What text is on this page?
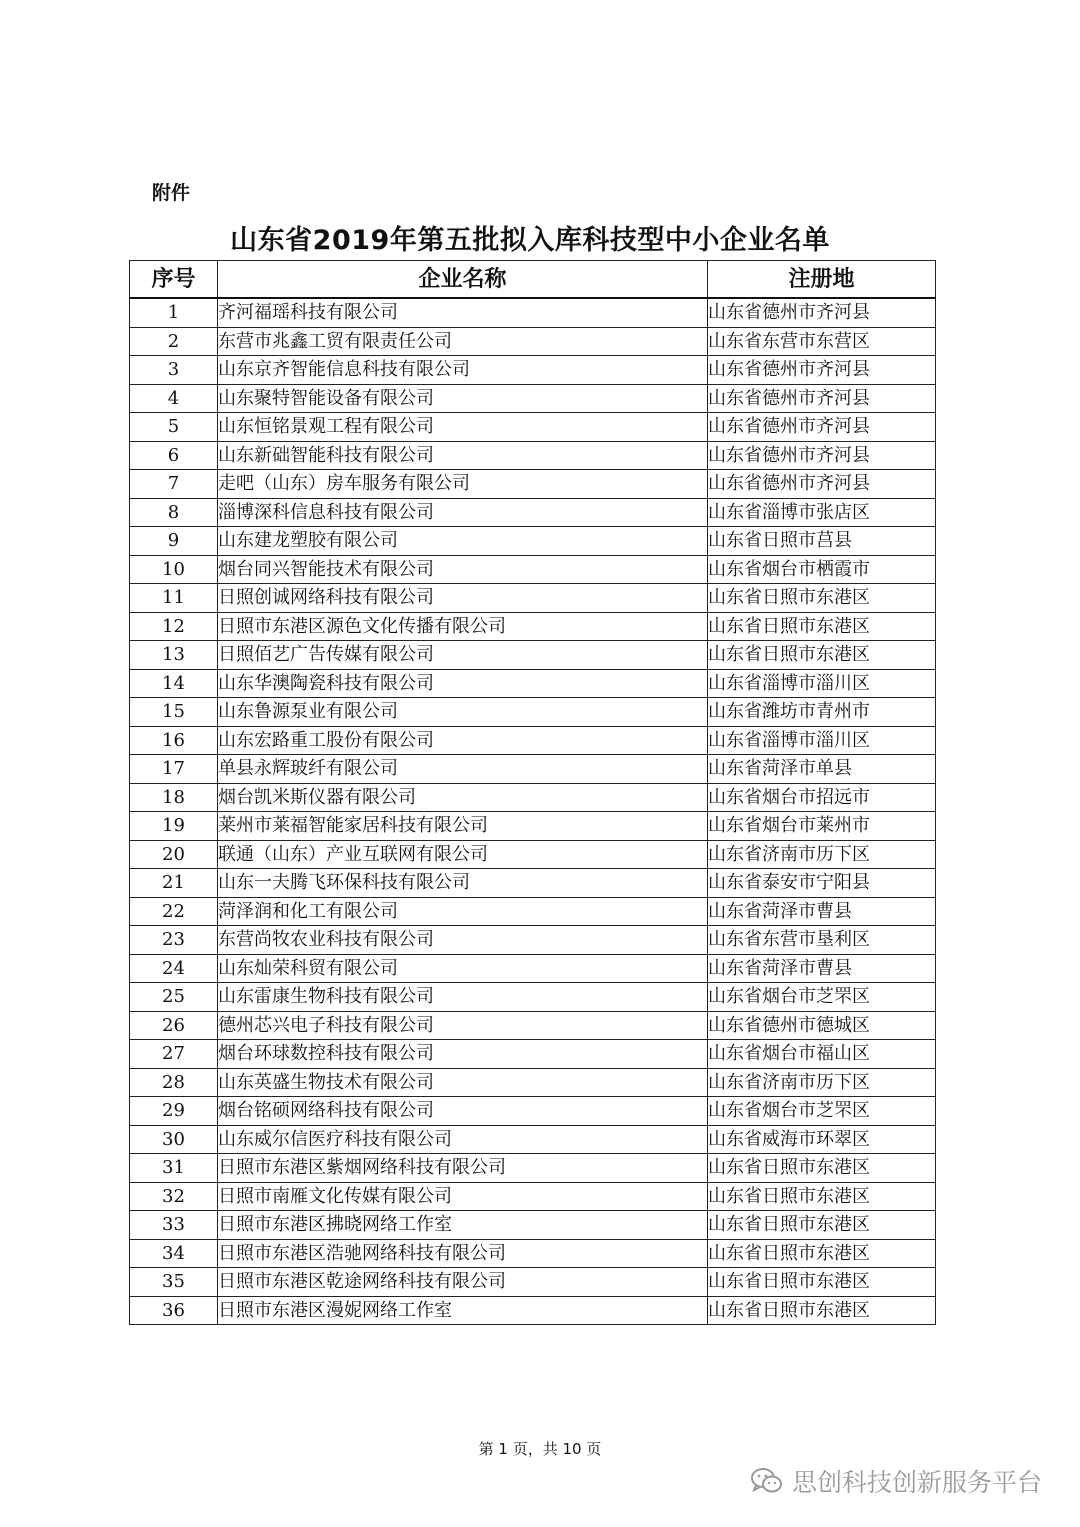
附件
山东省2019年第五批拟入库科技型中小企业名单
序号	企业名称	注册地
1	齐河福瑶科技有限公司	山东省德州市齐河县
2	东营市兆鑫工贸有限责任公司	山东省东营市东营区
3	山东京齐智能信息科技有限公司	山东省德州市齐河县
4	山东聚特智能设备有限公司	山东省德州市齐河县
5	山东恒铭景观工程有限公司	山东省德州市齐河县
6	山东新础智能科技有限公司	山东省德州市齐河县
7	走吧（山东）房车服务有限公司	山东省德州市齐河县
8	淄博深科信息科技有限公司	山东省淄博市张店区
9	山东建龙塑胶有限公司	山东省日照市莒县
10	烟台同兴智能技术有限公司	山东省烟台市栖霞市
11	日照创诚网络科技有限公司	山东省日照市东港区
12	日照市东港区源色文化传播有限公司	山东省日照市东港区
13	日照佰艺广告传媒有限公司	山东省日照市东港区
14	山东华澳陶瓷科技有限公司	山东省淄博市淄川区
15	山东鲁源泵业有限公司	山东省潍坊市青州市
16	山东宏路重工股份有限公司	山东省淄博市淄川区
17	单县永辉玻纤有限公司	山东省菏泽市单县
18	烟台凯米斯仪器有限公司	山东省烟台市招远市
19	莱州市莱福智能家居科技有限公司	山东省烟台市莱州市
20	联通（山东）产业互联网有限公司	山东省济南市历下区
21	山东一夫腾飞环保科技有限公司	山东省泰安市宁阳县
22	菏泽润和化工有限公司	山东省菏泽市曹县
23	东营尚牧农业科技有限公司	山东省东营市垦利区
24	山东灿荣科贸有限公司	山东省菏泽市曹县
25	山东雷康生物科技有限公司	山东省烟台市芝罘区
26	德州芯兴电子科技有限公司	山东省德州市德城区
27	烟台环球数控科技有限公司	山东省烟台市福山区
28	山东英盛生物技术有限公司	山东省济南市历下区
29	烟台铭硕网络科技有限公司	山东省烟台市芝罘区
30	山东威尔信医疗科技有限公司	山东省威海市环翠区
31	日照市东港区紫烟网络科技有限公司	山东省日照市东港区
32	日照市南雁文化传媒有限公司	山东省日照市东港区
33	日照市东港区拂晓网络工作室	山东省日照市东港区
34	日照市东港区浩驰网络科技有限公司	山东省日照市东港区
35	日照市东港区乾途网络科技有限公司	山东省日照市东港区
36	日照市东港区漫妮网络工作室	山东省日照市东港区
第 1 页，共 10 页
思创科技创新服务平台
